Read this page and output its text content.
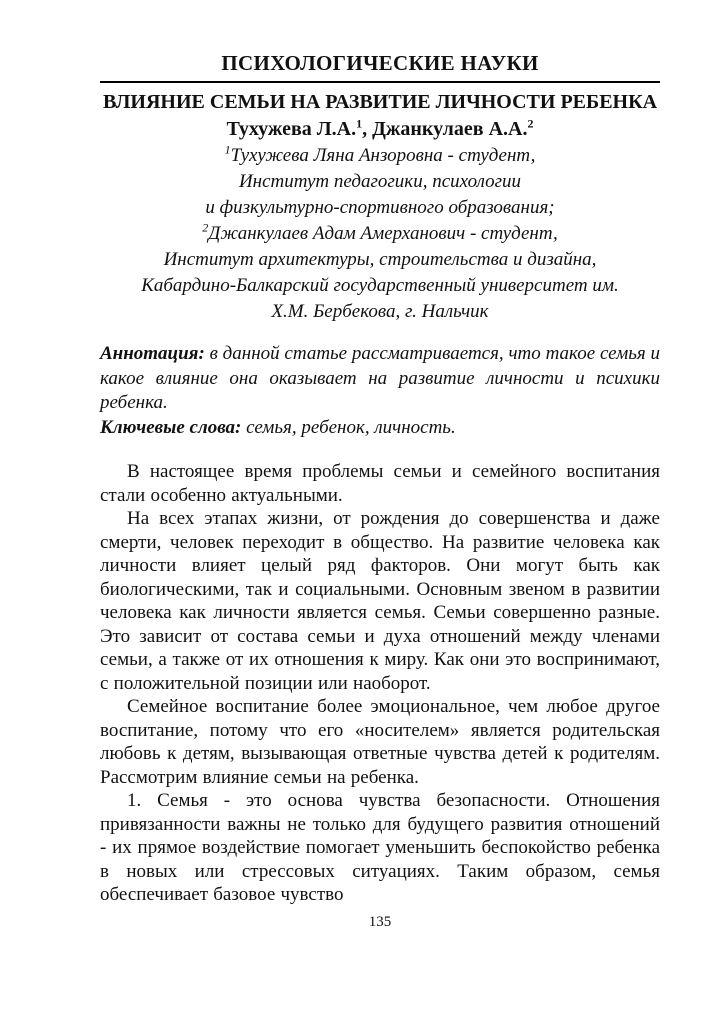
ПСИХОЛОГИЧЕСКИЕ НАУКИ
ВЛИЯНИЕ СЕМЬИ НА РАЗВИТИЕ ЛИЧНОСТИ РЕБЕНКА
Тухужева Л.А.$^1$, Джанкулаев А.А.$^2$
$^1$Тухужева Ляна Анзоровна - студент,
Институт педагогики, психологии
и физкультурно-спортивного образования;
$^2$Джанкулаев Адам Амерханович - студент,
Институт архитектуры, строительства и дизайна,
Кабардино-Балкарский государственный университет им.
Х.М. Бербекова, г. Нальчик

Аннотация: в данной статье рассматривается, что такое семья и какое влияние она оказывает на развитие личности и психики ребенка.

Ключевые слова: семья, ребенок, личность.

В настоящее время проблемы семьи и семейного воспитания стали особенно актуальными.

На всех этапах жизни, от рождения до совершенства и даже смерти, человек переходит в общество. На развитие человека как личности влияет целый ряд факторов. Они могут быть как биологическими, так и социальными. Основным звеном в развитии человека как личности является семья. Семьи совершенно разные. Это зависит от состава семьи и духа отношений между членами семьи, а также от их отношения к миру. Как они это воспринимают, с положительной позиции или наоборот.

Семейное воспитание более эмоциональное, чем любое другое воспитание, потому что его «носителем» является родительская любовь к детям, вызывающая ответные чувства детей к родителям. Рассмотрим влияние семьи на ребенка.

1. Семья - это основа чувства безопасности. Отношения привязанности важны не только для будущего развития отношений - их прямое воздействие помогает уменьшить беспокойство ребенка в новых или стрессовых ситуациях. Таким образом, семья обеспечивает базовое чувство

135
